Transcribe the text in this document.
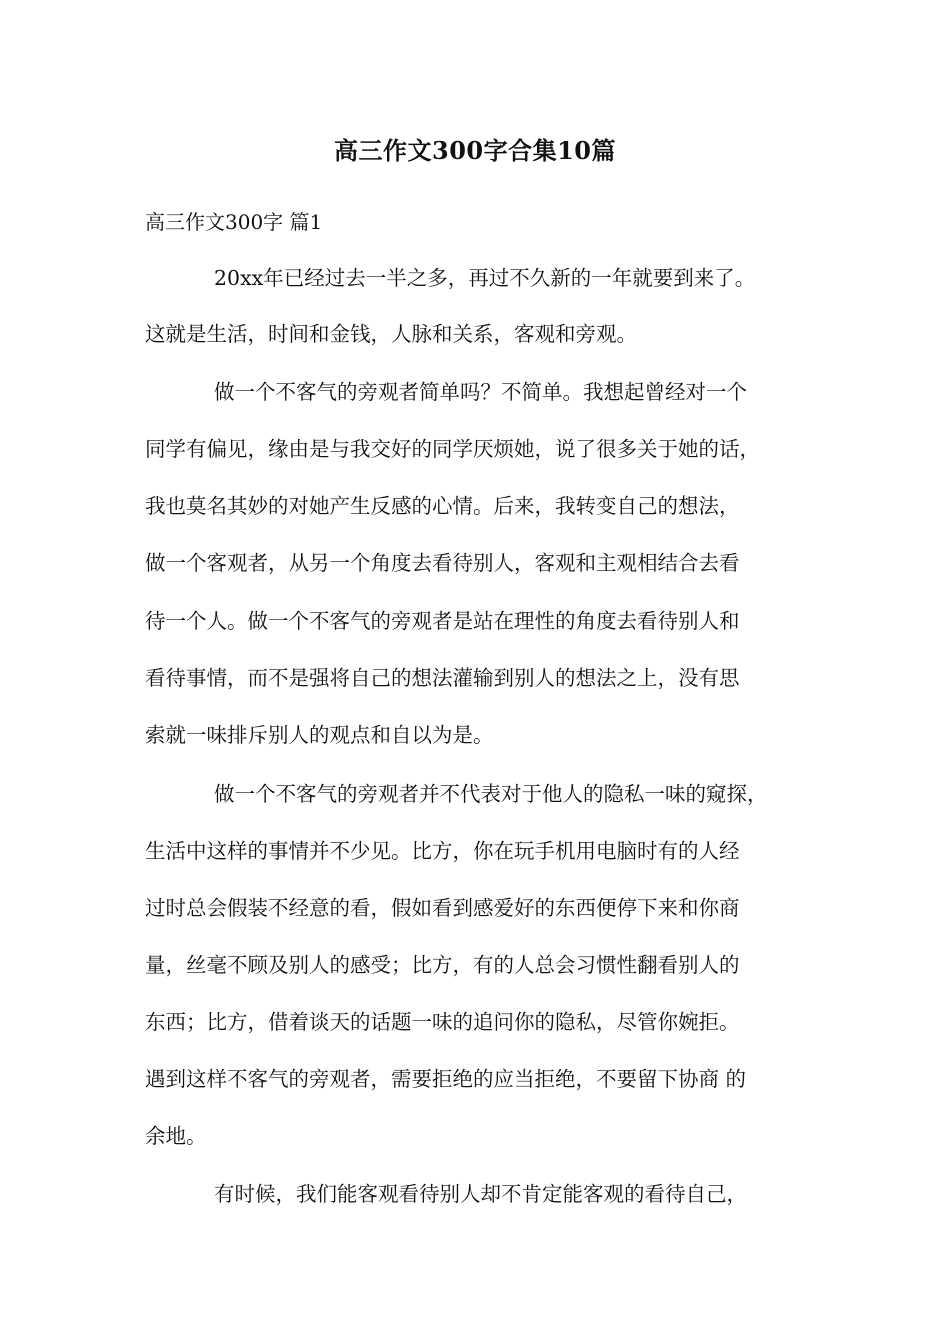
高三作文300字合集10篇
高三作文300字 篇1
20xx年已经过去一半之多，再过不久新的一年就要到来了。
这就是生活，时间和金钱，人脉和关系，客观和旁观。
做一个不客气的旁观者简单吗？不简单。我想起曾经对一个
同学有偏见，缘由是与我交好的同学厌烦她，说了很多关于她的话，
我也莫名其妙的对她产生反感的心情。后来，我转变自己的想法，
做一个客观者，从另一个角度去看待别人，客观和主观相结合去看
待一个人。做一个不客气的旁观者是站在理性的角度去看待别人和
看待事情，而不是强将自己的想法灌输到别人的想法之上，没有思
索就一味排斥别人的观点和自以为是。
做一个不客气的旁观者并不代表对于他人的隐私一味的窥探，
生活中这样的事情并不少见。比方，你在玩手机用电脑时有的人经
过时总会假装不经意的看，假如看到感爱好的东西便停下来和你商
量，丝毫不顾及别人的感受；比方，有的人总会习惯性翻看别人的
东西；比方，借着谈天的话题一味的追问你的隐私，尽管你婉拒。
遇到这样不客气的旁观者，需要拒绝的应当拒绝，不要留下协商 的
余地。
有时候，我们能客观看待别人却不肯定能客观的看待自己，
